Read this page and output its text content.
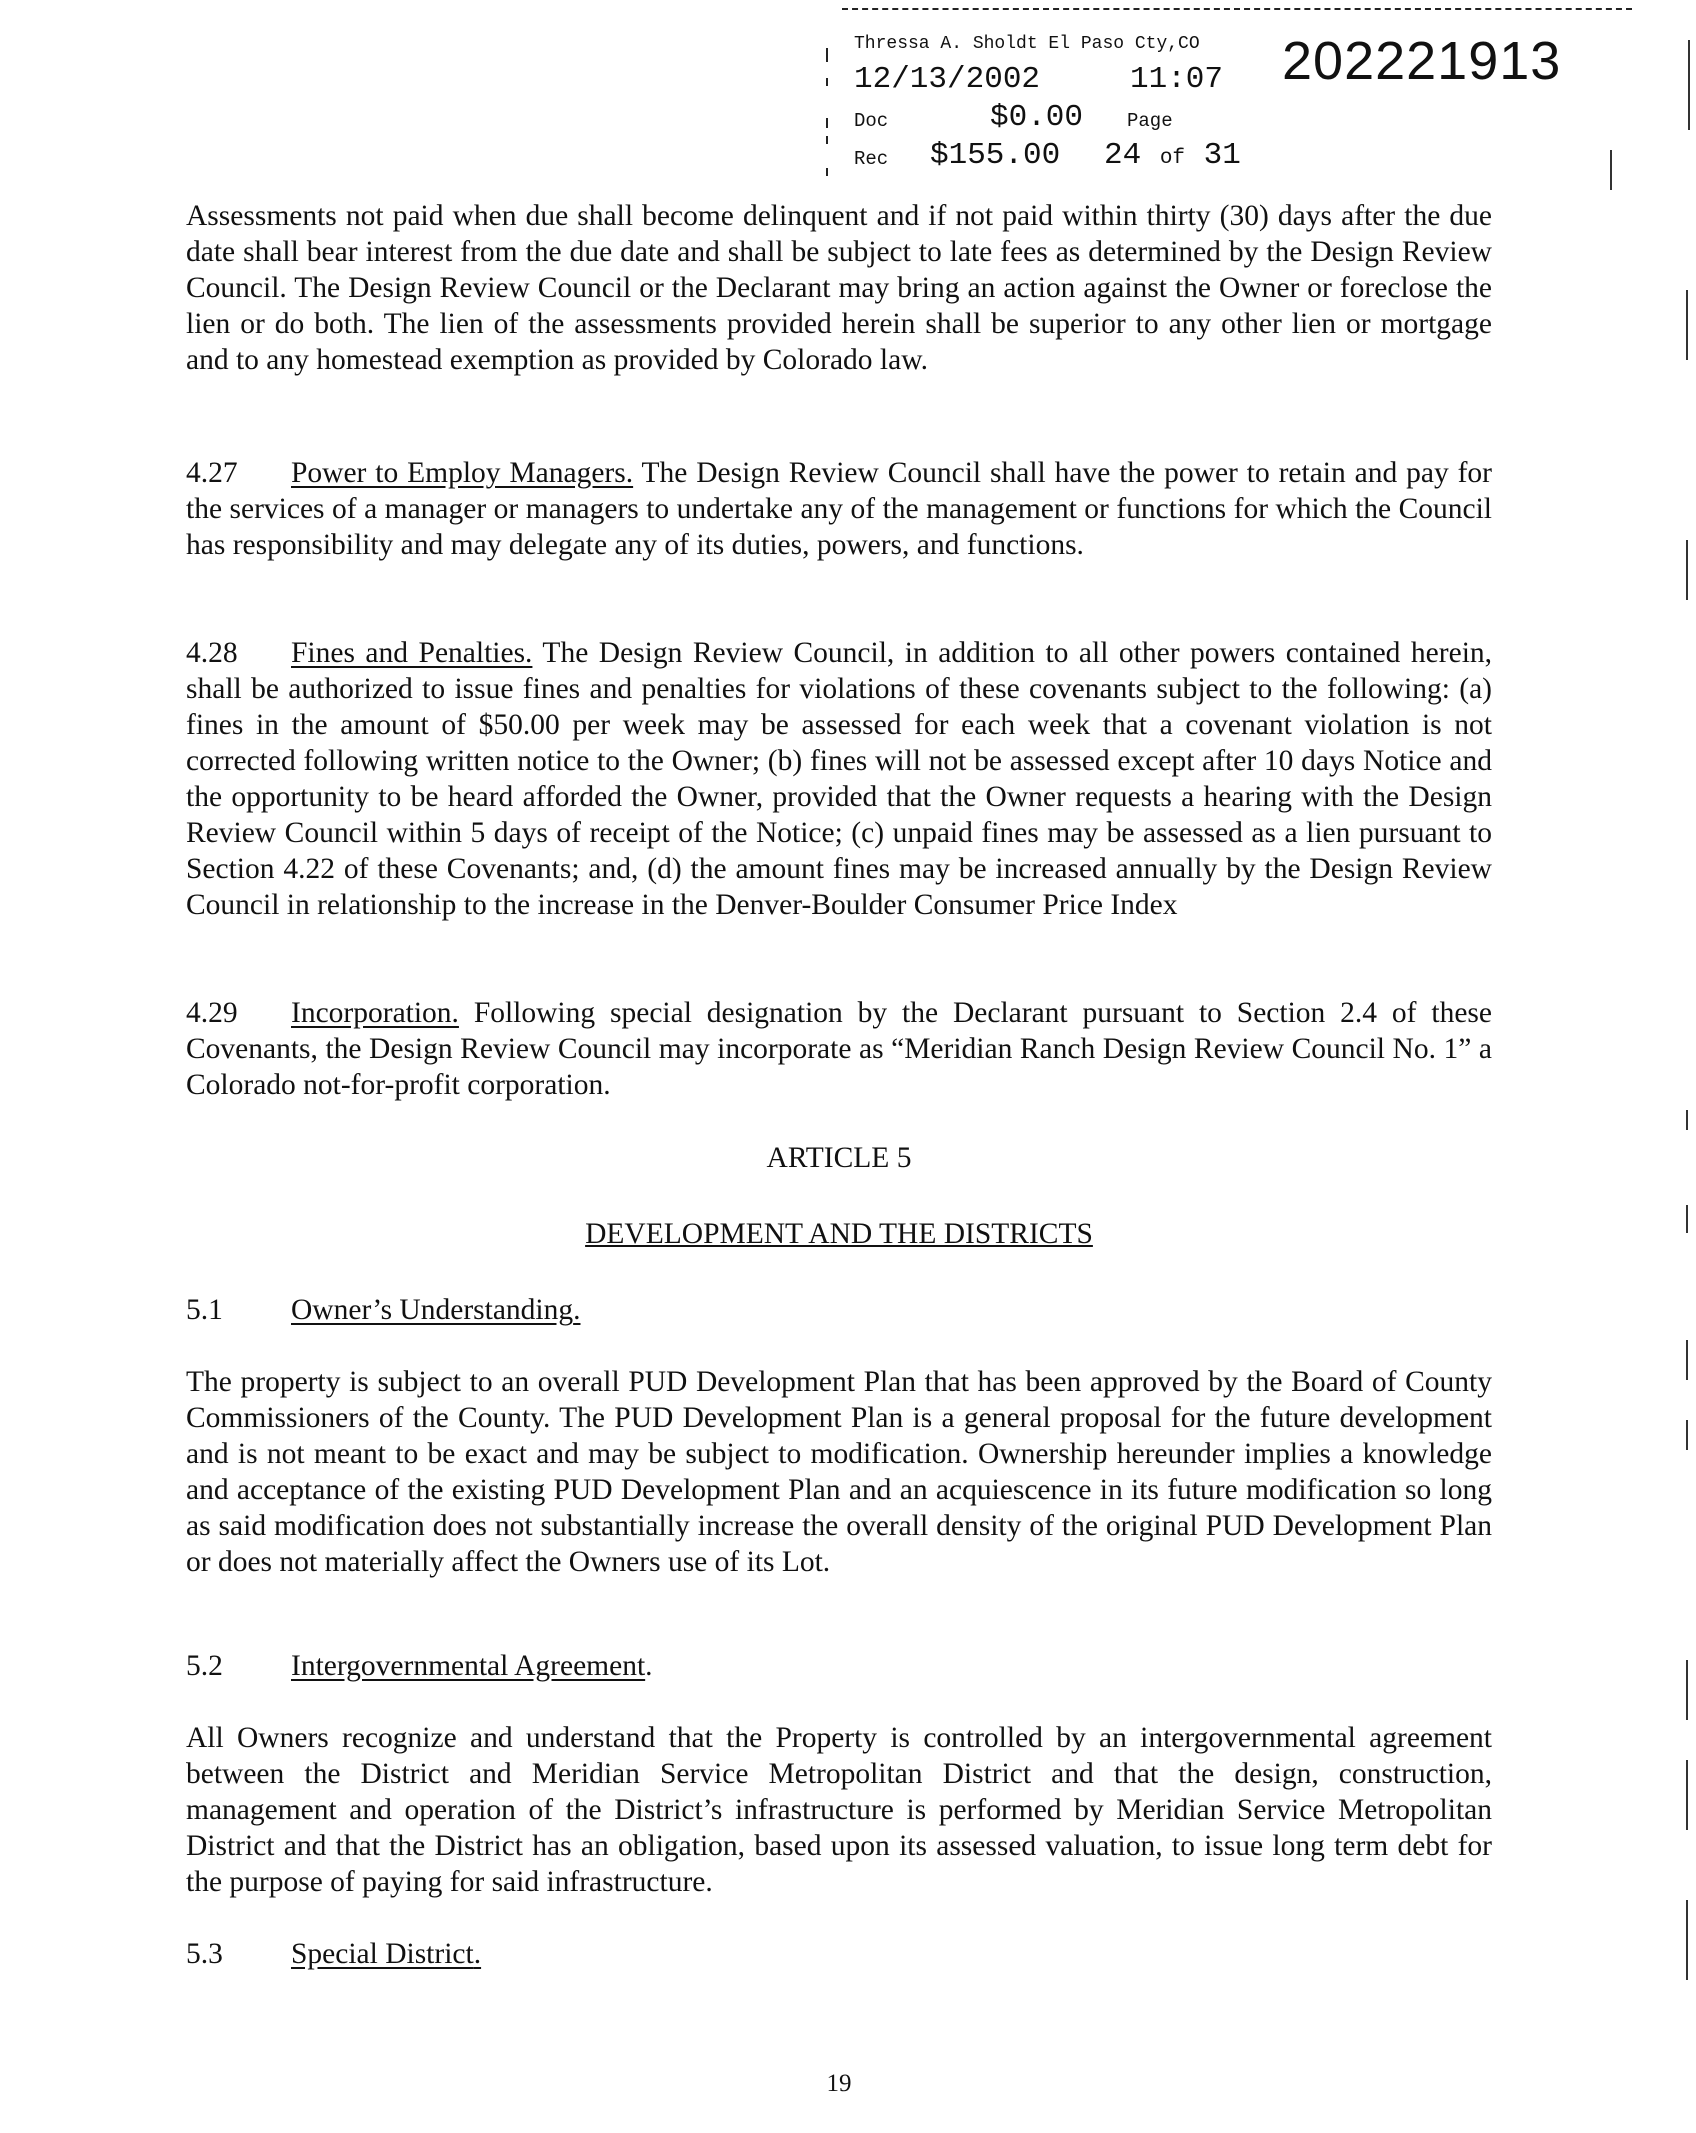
Thressa A. Sholdt El Paso Cty,CO 202221913
12/13/2002	11:07
Doc	$0.00 Page
Rec $155.00 24 of 31

Assessments not paid when due shall become delinquent and if not paid within thirty (30) days after the due date shall bear interest from the due date and shall be subject to late fees as determined by the Design Review Council. The Design Review Council or the Declarant may bring an action against the Owner or foreclose the lien or do both. The lien of the assessments provided herein shall be superior to any other lien or mortgage and to any homestead exemption as provided by Colorado law.

4.27 Power to Employ Managers. The Design Review Council shall have the power to retain and pay for the services of a manager or managers to undertake any of the management or functions for which the Council has responsibility and may delegate any of its duties, powers, and functions.

4.28 Fines and Penalties. The Design Review Council, in addition to all other powers contained herein, shall be authorized to issue fines and penalties for violations of these covenants subject to the following: (a) fines in the amount of $50.00 per week may be assessed for each week that a covenant violation is not corrected following written notice to the Owner; (b) fines will not be assessed except after 10 days Notice and the opportunity to be heard afforded the Owner, provided that the Owner requests a hearing with the Design Review Council within 5 days of receipt of the Notice; (c) unpaid fines may be assessed as a lien pursuant to Section 4.22 of these Covenants; and, (d) the amount fines may be increased annually by the Design Review Council in relationship to the increase in the Denver-Boulder Consumer Price Index

4.29 Incorporation. Following special designation by the Declarant pursuant to Section 2.4 of these Covenants, the Design Review Council may incorporate as “Meridian Ranch Design Review Council No. 1” a Colorado not-for-profit corporation.

ARTICLE 5

DEVELOPMENT AND THE DISTRICTS

5.1 Owner’s Understanding.

The property is subject to an overall PUD Development Plan that has been approved by the Board of County Commissioners of the County. The PUD Development Plan is a general proposal for the future development and is not meant to be exact and may be subject to modification. Ownership hereunder implies a knowledge and acceptance of the existing PUD Development Plan and an acquiescence in its future modification so long as said modification does not substantially increase the overall density of the original PUD Development Plan or does not materially affect the Owners use of its Lot.

5.2 Intergovernmental Agreement.

All Owners recognize and understand that the Property is controlled by an intergovernmental agreement between the District and Meridian Service Metropolitan District and that the design, construction, management and operation of the District’s infrastructure is performed by Meridian Service Metropolitan District and that the District has an obligation, based upon its assessed valuation, to issue long term debt for the purpose of paying for said infrastructure.

5.3 Special District.

19
